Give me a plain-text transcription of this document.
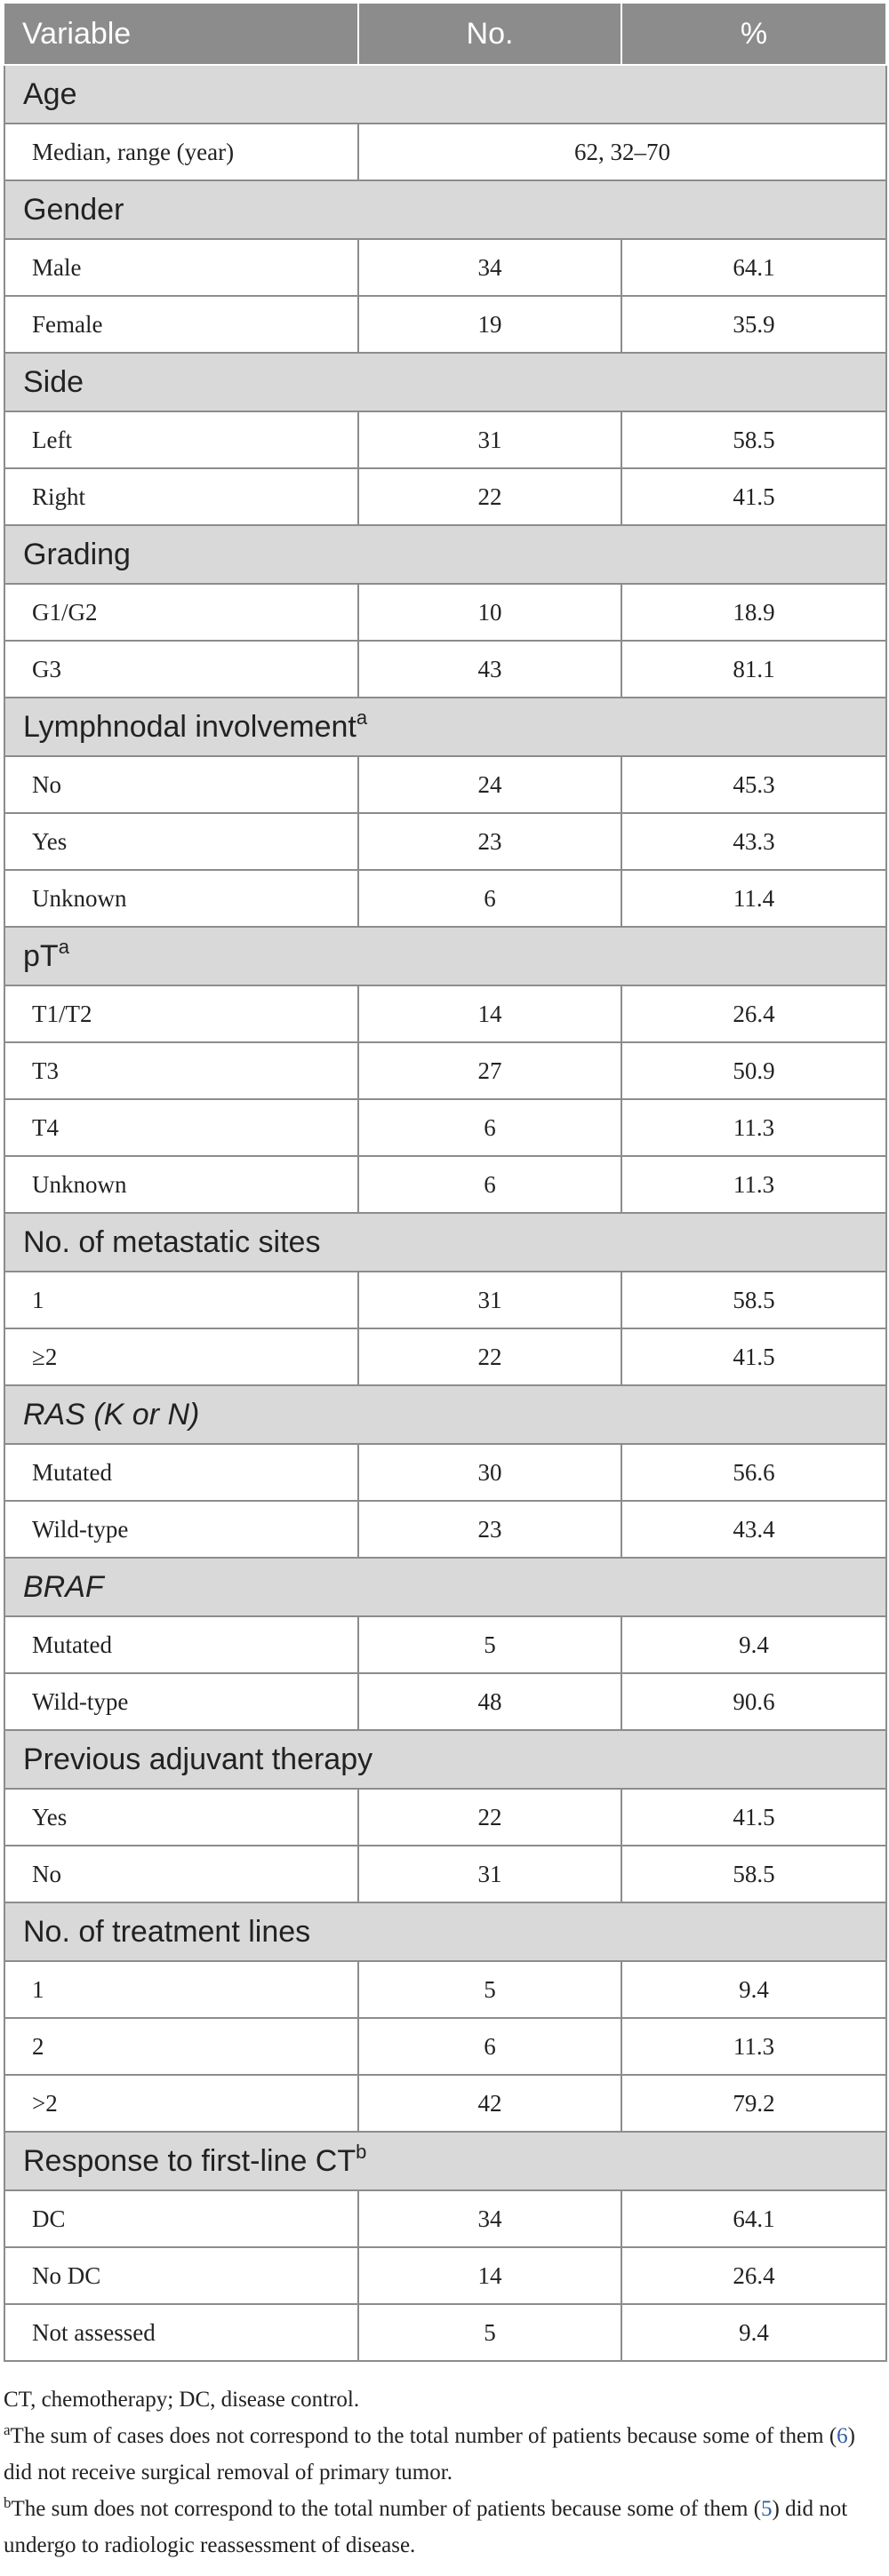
Variable	No.	%
Age		
Median, range (year)	62, 32–70	
Gender		
Male	34	64.1
Female	19	35.9
Side		
Left	31	58.5
Right	22	41.5
Grading		
G1/G2	10	18.9
G3	43	81.1
Lymphnodal involvement$^a$
No	24	45.3
Yes	23	43.3
Unknown	6	11.4
$pT^a$
T1/T2	14	26.4
T3	27	50.9
T4	6	11.3
Unknown	6	11.3
No. of metastatic sites		
1	31	58.5
≥2	22	41.5
RAS (K or N)		
Mutated	30	56.6
Wild-type	23	43.4
BRAF		
Mutated	5	9.4
Wild-type	48	90.6
Previous adjuvant therapy		
Yes	22	41.5
No	31	58.5
No. of treatment lines		
1	5	9.4
2	6	11.3
>2	42	79.2
Response to first-line $CT^b$
DC	34	64.1
No DC	14	26.4
Not assessed	5	9.4

CT, chemotherapy; DC, disease control.

$^a$The sum of cases does not correspond to the total number of patients because some of them (6) did not receive surgical removal of primary tumor.

$^b$The sum does not correspond to the total number of patients because some of them (5) did not undergo to radiologic reassessment of disease.
